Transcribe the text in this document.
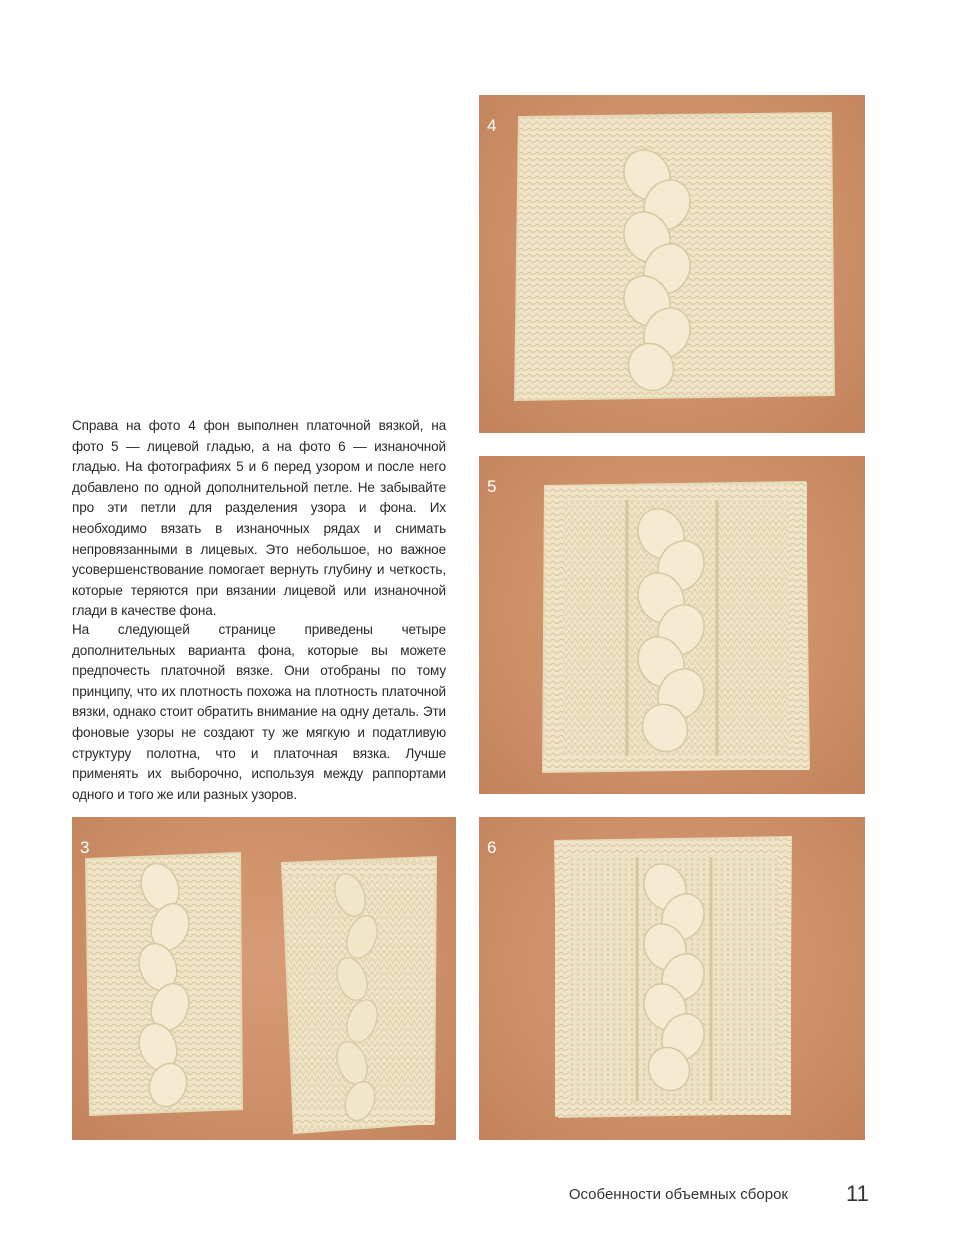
4
5
3	6

Справа на фото 4 фон выполнен платочной вязкой, на фото 5 — лицевой гладью, а на фото 6 — изнаночной гладью. На фотографиях 5 и 6 перед узором и после него добавлено по одной дополнительной петле. Не забывайте про эти петли для разделения узора и фона. Их необходимо вязать в изнаночных рядах и снимать непровязанными в лицевых. Это небольшое, но важное усовершенствование помогает вернуть глубину и четкость, которые теряются при вязании лицевой или изнаночной глади в качестве фона.

На следующей странице приведены четыре дополнительных варианта фона, которые вы можете предпочесть платочной вязке. Они отобраны по тому принципу, что их плотность похожа на плотность платочной вязки, однако стоит обратить внимание на одну деталь. Эти фоновые узоры не создают ту же мягкую и податливую структуру полотна, что и платочная вязка. Лучше применять их выборочно, используя между раппортами одного и того же или разных узоров.

Особенности объемных сборок	11
